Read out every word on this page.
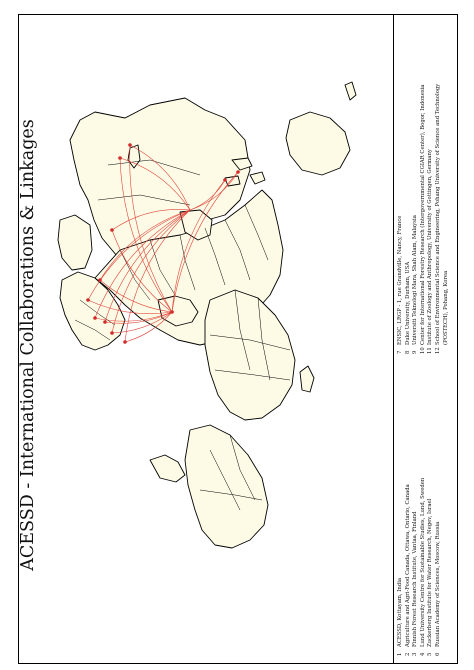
ACESSD - International Collaborations & Linkages
1ACESSD, Kottayam, India
2Agriculture and Agri-Food Canada, Ottawa, Ontario, Canada
3Finnish Forest Research Institute, Vantaa, Finland
4Lund University Centre for Sustainable Studies, Lund, Sweden
5Zuckerberg Institute for Water Research, Negev, Israel
6Russian Academy of Sciences, Moscow, Russia
7ENSIC, LRGP - 1, rue Grandville, Nancy, France
8Duke University, Durham, USA
9Universiti Teknologi Mara, Shah Alam, Malaysia
10Center for International Forestry Research (Intergovernmental CGIAR Center), Bogor, Indonesia
11Institute of Zoology and Anthropology, University of Gottingen, Germany
12School of Environmental Science and Engineering, Pohang University of Science and Technology (POSTECH), Pohang, Korea
